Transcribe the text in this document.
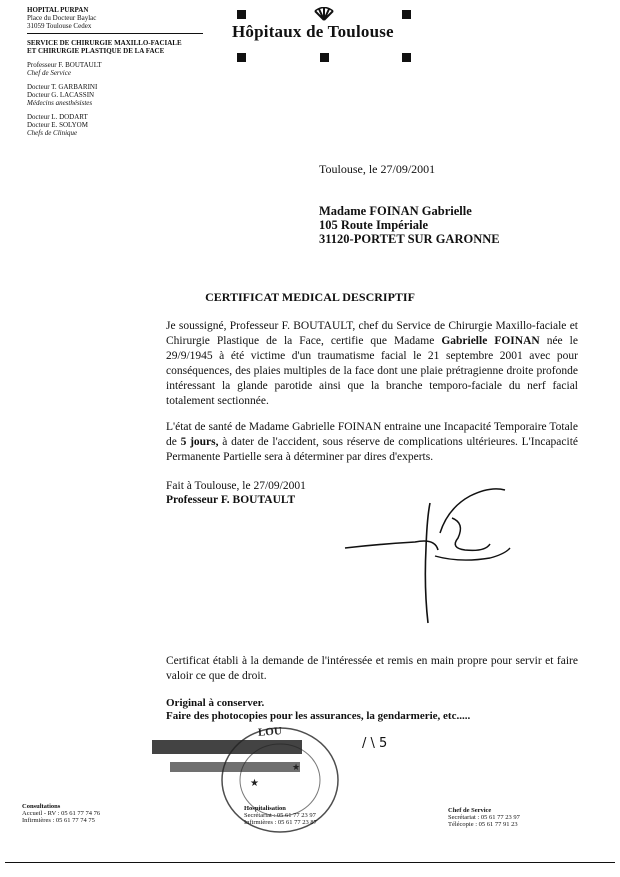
HOPITAL PURPAN
Place du Docteur Baylac
31059 Toulouse Cedex
SERVICE DE CHIRURGIE MAXILLO-FACIALE
ET CHIRURGIE PLASTIQUE DE LA FACE
Professeur F. BOUTAULT
Chef de Service
Docteur T. GARBARINI
Docteur G. LACASSIN
Médecins anesthésistes
Docteur L. DODART
Docteur E. SOLYOM
Chefs de Clinique
Hôpitaux de Toulouse
Toulouse, le 27/09/2001
Madame FOINAN Gabrielle
105 Route Impériale
31120-PORTET SUR GARONNE
CERTIFICAT MEDICAL DESCRIPTIF
Je soussigné, Professeur F. BOUTAULT, chef du Service de Chirurgie Maxillo-faciale et Chirurgie Plastique de la Face, certifie que Madame Gabrielle FOINAN née le 29/9/1945 à été victime d'un traumatisme facial le 21 septembre 2001 avec pour conséquences, des plaies multiples de la face dont une plaie prétragienne droite profonde intéressant la glande parotide ainsi que la branche temporo-faciale du nerf facial totalement sectionnée.
L'état de santé de Madame Gabrielle FOINAN entraine une Incapacité Temporaire Totale de 5 jours, à dater de l'accident, sous réserve de complications ultérieures. L'Incapacité Permanente Partielle sera à déterminer par dires d'experts.
Fait à Toulouse, le 27/09/2001
Professeur F. BOUTAULT
Certificat établi à la demande de l'intéressée et remis en main propre pour servir et faire valoir ce que de droit.
Original à conserver.
Faire des photocopies pour les assurances, la gendarmerie, etc.....
★
★
LOU
/ \ 5
Consultations
Accueil - RV : 05 61 77 74 76
Infirmières : 05 61 77 74 75
Hospitalisation
Secrétariat : 05 61 77 23 97
Infirmières : 05 61 77 23 87
Chef de Service
Secrétariat : 05 61 77 23 97
Télécopie : 05 61 77 91 23
